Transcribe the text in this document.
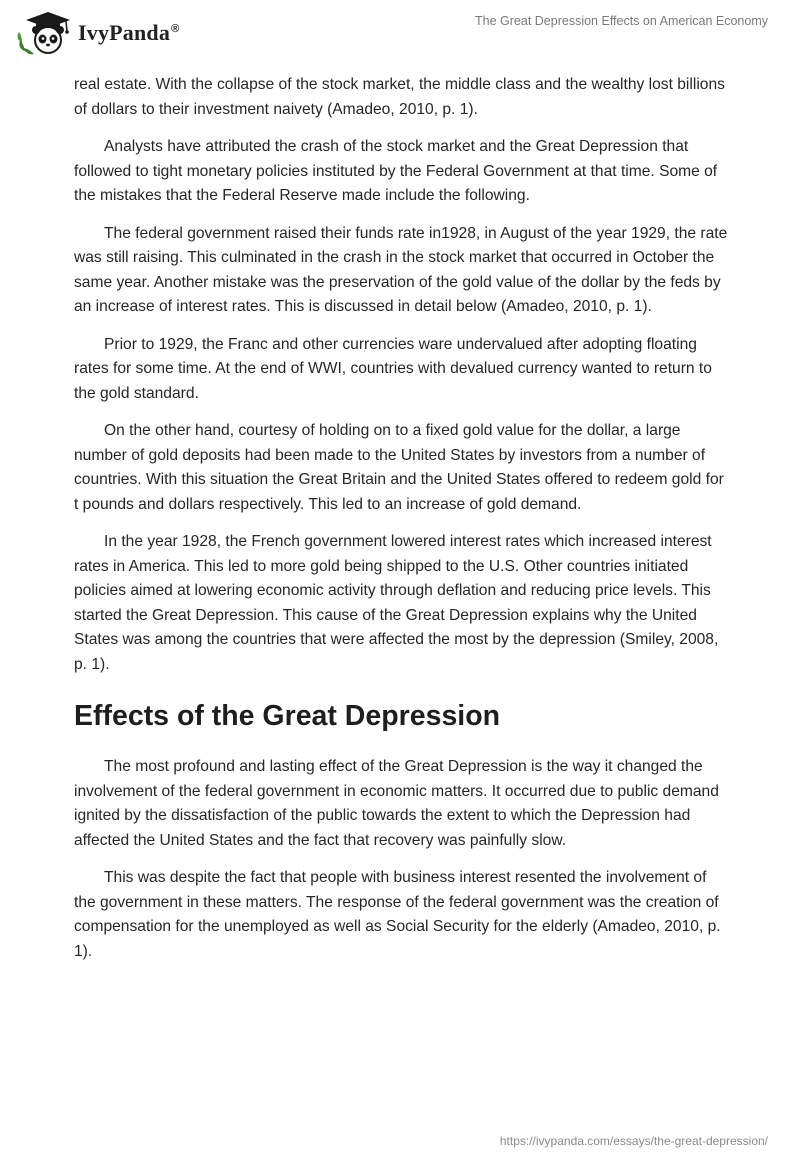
IvyPanda®
The Great Depression Effects on American Economy

real estate. With the collapse of the stock market, the middle class and the wealthy lost billions of dollars to their investment naivety (Amadeo, 2010, p. 1).

Analysts have attributed the crash of the stock market and the Great Depression that followed to tight monetary policies instituted by the Federal Government at that time. Some of the mistakes that the Federal Reserve made include the following.

The federal government raised their funds rate in1928, in August of the year 1929, the rate was still raising. This culminated in the crash in the stock market that occurred in October the same year. Another mistake was the preservation of the gold value of the dollar by the feds by an increase of interest rates. This is discussed in detail below (Amadeo, 2010, p. 1).

Prior to 1929, the Franc and other currencies ware undervalued after adopting floating rates for some time. At the end of WWI, countries with devalued currency wanted to return to the gold standard.

On the other hand, courtesy of holding on to a fixed gold value for the dollar, a large number of gold deposits had been made to the United States by investors from a number of countries. With this situation the Great Britain and the United States offered to redeem gold for t pounds and dollars respectively. This led to an increase of gold demand.

In the year 1928, the French government lowered interest rates which increased interest rates in America. This led to more gold being shipped to the U.S. Other countries initiated policies aimed at lowering economic activity through deflation and reducing price levels. This started the Great Depression. This cause of the Great Depression explains why the United States was among the countries that were affected the most by the depression (Smiley, 2008, p. 1).

Effects of the Great Depression

The most profound and lasting effect of the Great Depression is the way it changed the involvement of the federal government in economic matters. It occurred due to public demand ignited by the dissatisfaction of the public towards the extent to which the Depression had affected the United States and the fact that recovery was painfully slow.

This was despite the fact that people with business interest resented the involvement of the government in these matters. The response of the federal government was the creation of compensation for the unemployed as well as Social Security for the elderly (Amadeo, 2010, p. 1).

https://ivypanda.com/essays/the-great-depression/
